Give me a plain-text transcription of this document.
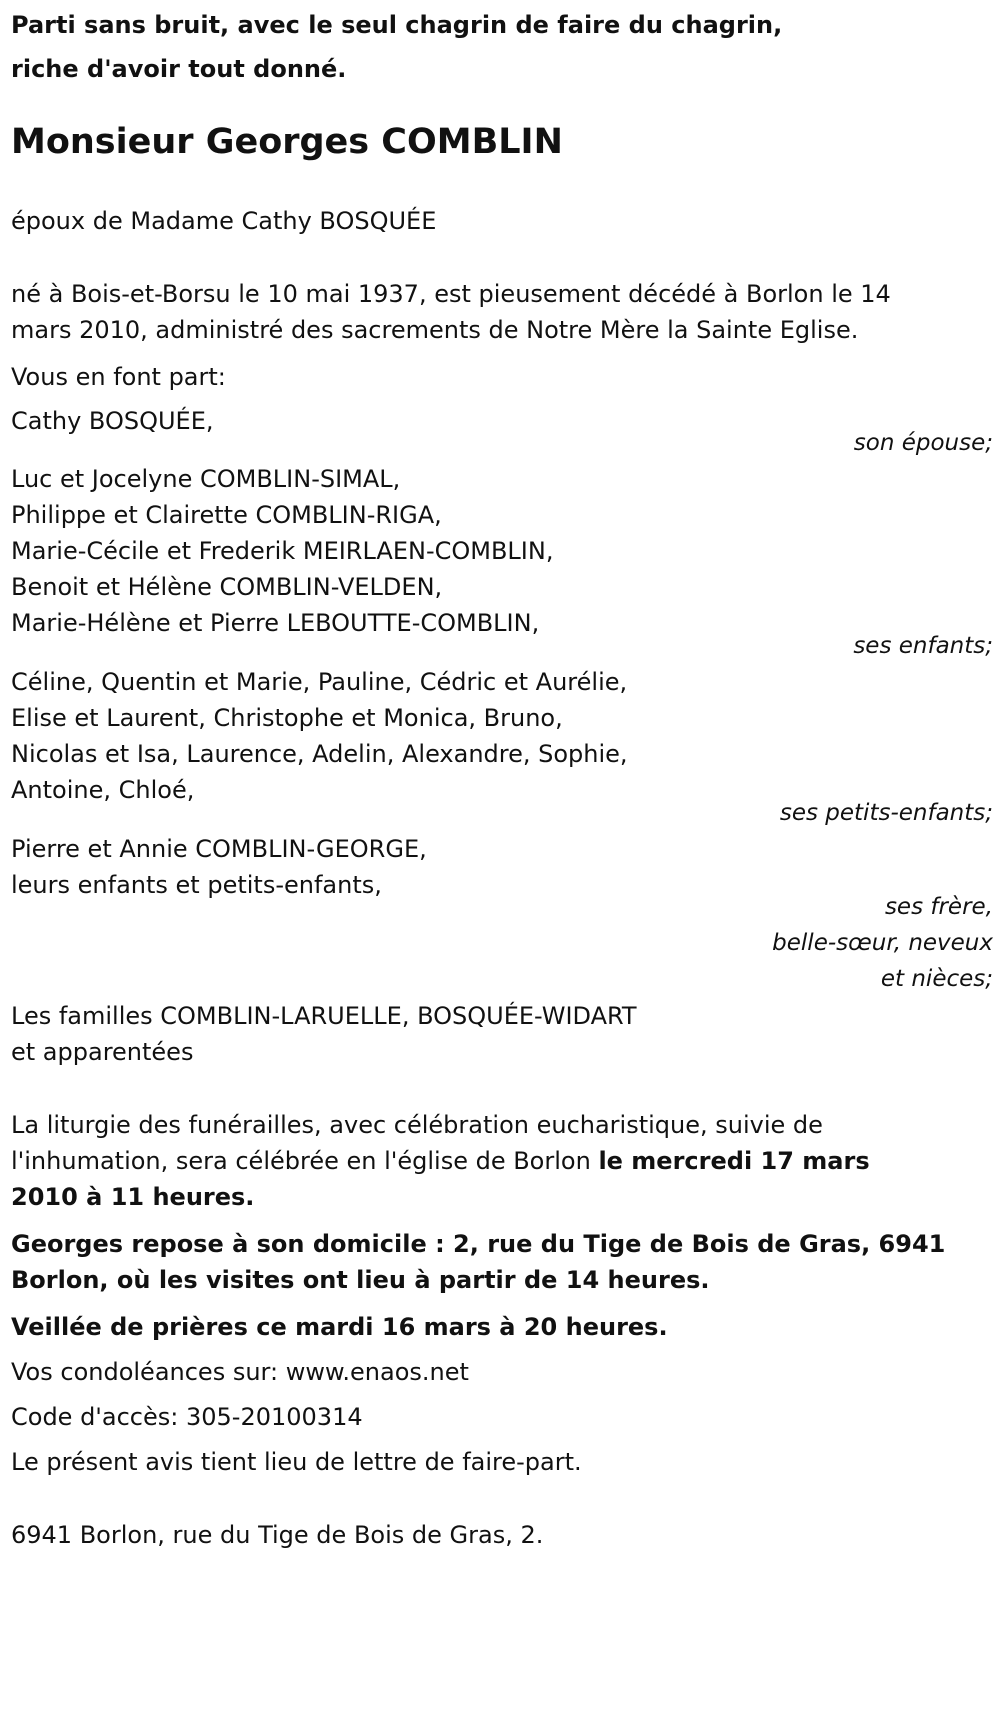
Parti sans bruit, avec le seul chagrin de faire du chagrin,
riche d'avoir tout donné.
Monsieur Georges COMBLIN
époux de Madame Cathy BOSQUÉE
né à Bois-et-Borsu le 10 mai 1937, est pieusement décédé à Borlon le 14
mars 2010, administré des sacrements de Notre Mère la Sainte Eglise.
Vous en font part:
Cathy BOSQUÉE,
son épouse;
Luc et Jocelyne COMBLIN-SIMAL,
Philippe et Clairette COMBLIN-RIGA,
Marie-Cécile et Frederik MEIRLAEN-COMBLIN,
Benoit et Hélène COMBLIN-VELDEN,
Marie-Hélène et Pierre LEBOUTTE-COMBLIN,
ses enfants;
Céline, Quentin et Marie, Pauline, Cédric et Aurélie,
Elise et Laurent, Christophe et Monica, Bruno,
Nicolas et Isa, Laurence, Adelin, Alexandre, Sophie,
Antoine, Chloé,
ses petits-enfants;
Pierre et Annie COMBLIN-GEORGE,
leurs enfants et petits-enfants,
ses frère,
belle-sœur, neveux
et nièces;
Les familles COMBLIN-LARUELLE, BOSQUÉE-WIDART
et apparentées
La liturgie des funérailles, avec célébration eucharistique, suivie de
l'inhumation, sera célébrée en l'église de Borlon le mercredi 17 mars
2010 à 11 heures.
Georges repose à son domicile : 2, rue du Tige de Bois de Gras, 6941
Borlon, où les visites ont lieu à partir de 14 heures.
Veillée de prières ce mardi 16 mars à 20 heures.
Vos condoléances sur: www.enaos.net
Code d'accès: 305-20100314
Le présent avis tient lieu de lettre de faire-part.
6941 Borlon, rue du Tige de Bois de Gras, 2.
